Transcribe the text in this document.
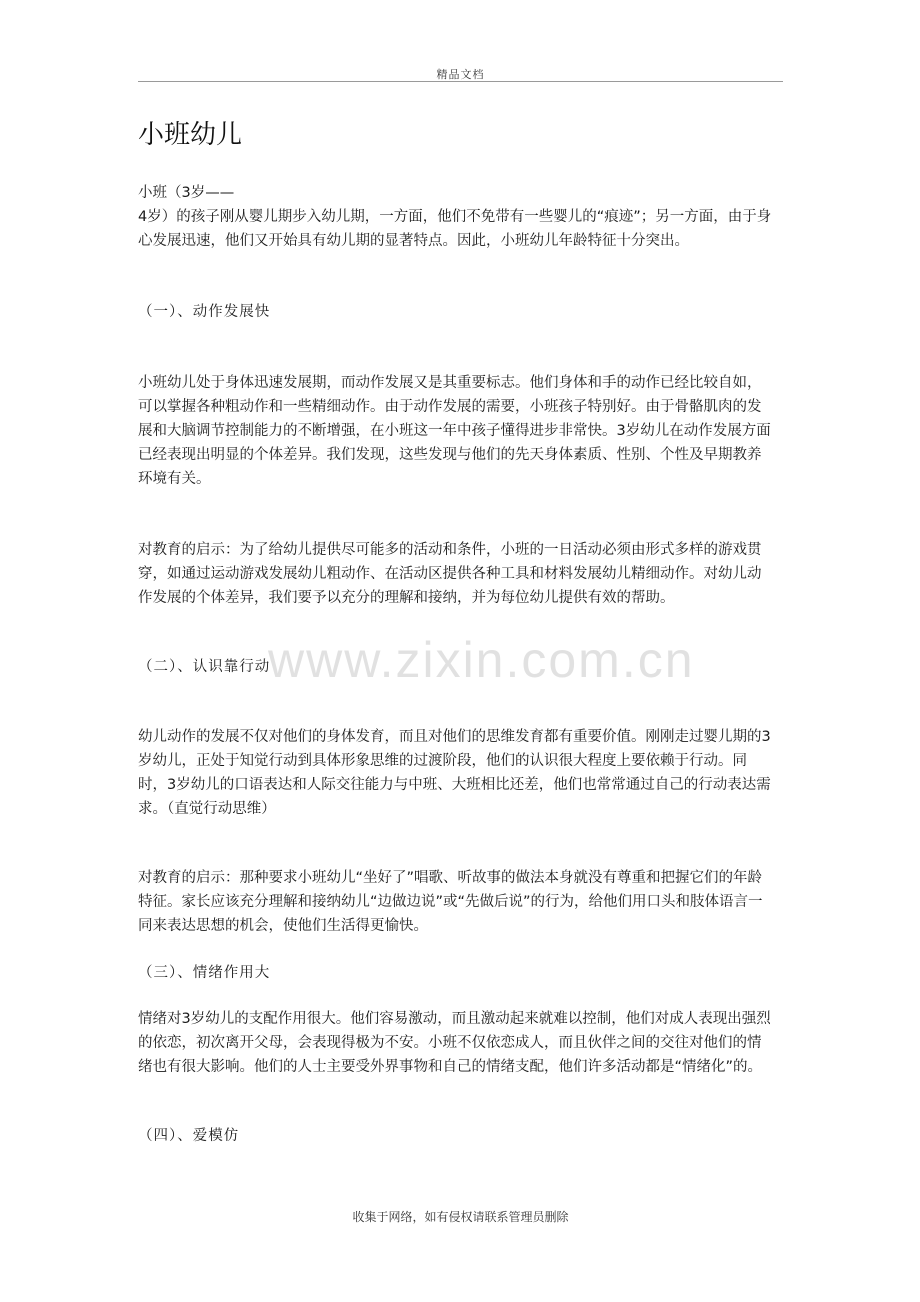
精品文档
小班幼儿

小班（3岁——
4岁）的孩子刚从婴儿期步入幼儿期，一方面，他们不免带有一些婴儿的“痕迹”；另一方面，由于身心发展迅速，他们又开始具有幼儿期的显著特点。因此，小班幼儿年龄特征十分突出。

（一）、动作发展快

小班幼儿处于身体迅速发展期，而动作发展又是其重要标志。他们身体和手的动作已经比较自如，可以掌握各种粗动作和一些精细动作。由于动作发展的需要，小班孩子特别好。由于骨骼肌肉的发展和大脑调节控制能力的不断增强，在小班这一年中孩子懂得进步非常快。3岁幼儿在动作发展方面已经表现出明显的个体差异。我们发现，这些发现与他们的先天身体素质、性别、个性及早期教养环境有关。

对教育的启示：为了给幼儿提供尽可能多的活动和条件，小班的一日活动必须由形式多样的游戏贯穿，如通过运动游戏发展幼儿粗动作、在活动区提供各种工具和材料发展幼儿精细动作。对幼儿动作发展的个体差异，我们要予以充分的理解和接纳，并为每位幼儿提供有效的帮助。

（二）、认识靠行动

幼儿动作的发展不仅对他们的身体发育，而且对他们的思维发育都有重要价值。刚刚走过婴儿期的3岁幼儿，正处于知觉行动到具体形象思维的过渡阶段，他们的认识很大程度上要依赖于行动。同时，3岁幼儿的口语表达和人际交往能力与中班、大班相比还差，他们也常常通过自己的行动表达需求。（直觉行动思维）

对教育的启示：那种要求小班幼儿“坐好了”唱歌、听故事的做法本身就没有尊重和把握它们的年龄特征。家长应该充分理解和接纳幼儿“边做边说”或“先做后说”的行为，给他们用口头和肢体语言一同来表达思想的机会，使他们生活得更愉快。

（三）、情绪作用大

情绪对3岁幼儿的支配作用很大。他们容易激动，而且激动起来就难以控制，他们对成人表现出强烈的依恋，初次离开父母，会表现得极为不安。小班不仅依恋成人，而且伙伴之间的交往对他们的情绪也有很大影响。他们的人士主要受外界事物和自己的情绪支配，他们许多活动都是“情绪化”的。

（四）、爱模仿

www.zixin.com.cn
收集于网络，如有侵权请联系管理员删除
